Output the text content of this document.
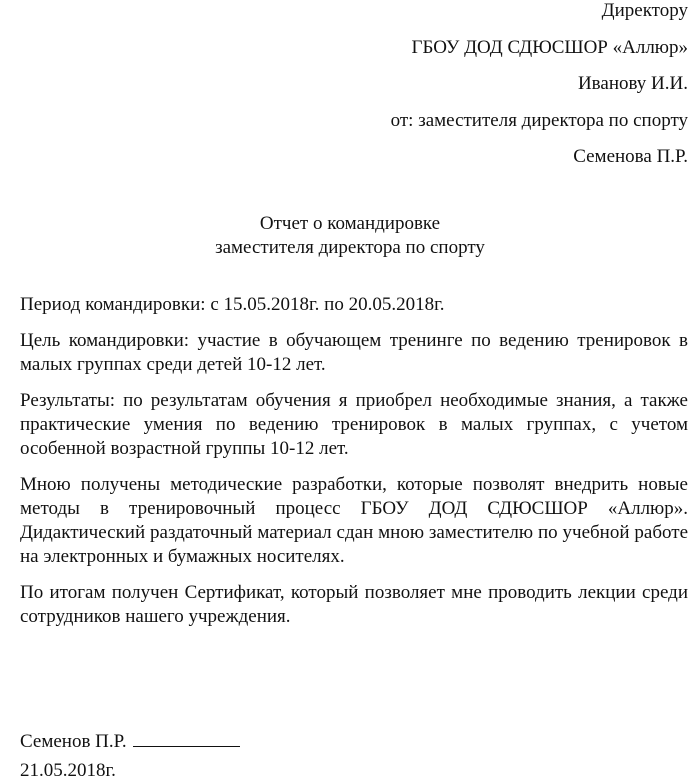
Директору
ГБОУ ДОД СДЮСШОР «Аллюр»
Иванову И.И.
от: заместителя директора по спорту
Семенова П.Р.
Отчет о командировке
заместителя директора по спорту

Период командировки: с 15.05.2018г. по 20.05.2018г.

Цель командировки: участие в обучающем тренинге по ведению тренировок в малых группах среди детей 10-12 лет.

Результаты: по результатам обучения я приобрел необходимые знания, а также практические умения по ведению тренировок в малых группах, с учетом особенной возрастной группы 10-12 лет.

Мною получены методические разработки, которые позволят внедрить новые методы в тренировочный процесс ГБОУ ДОД СДЮСШОР «Аллюр». Дидактический раздаточный материал сдан мною заместителю по учебной работе на электронных и бумажных носителях.

По итогам получен Сертификат, который позволяет мне проводить лекции среди сотрудников нашего учреждения.

Семенов П.Р.
21.05.2018г.
